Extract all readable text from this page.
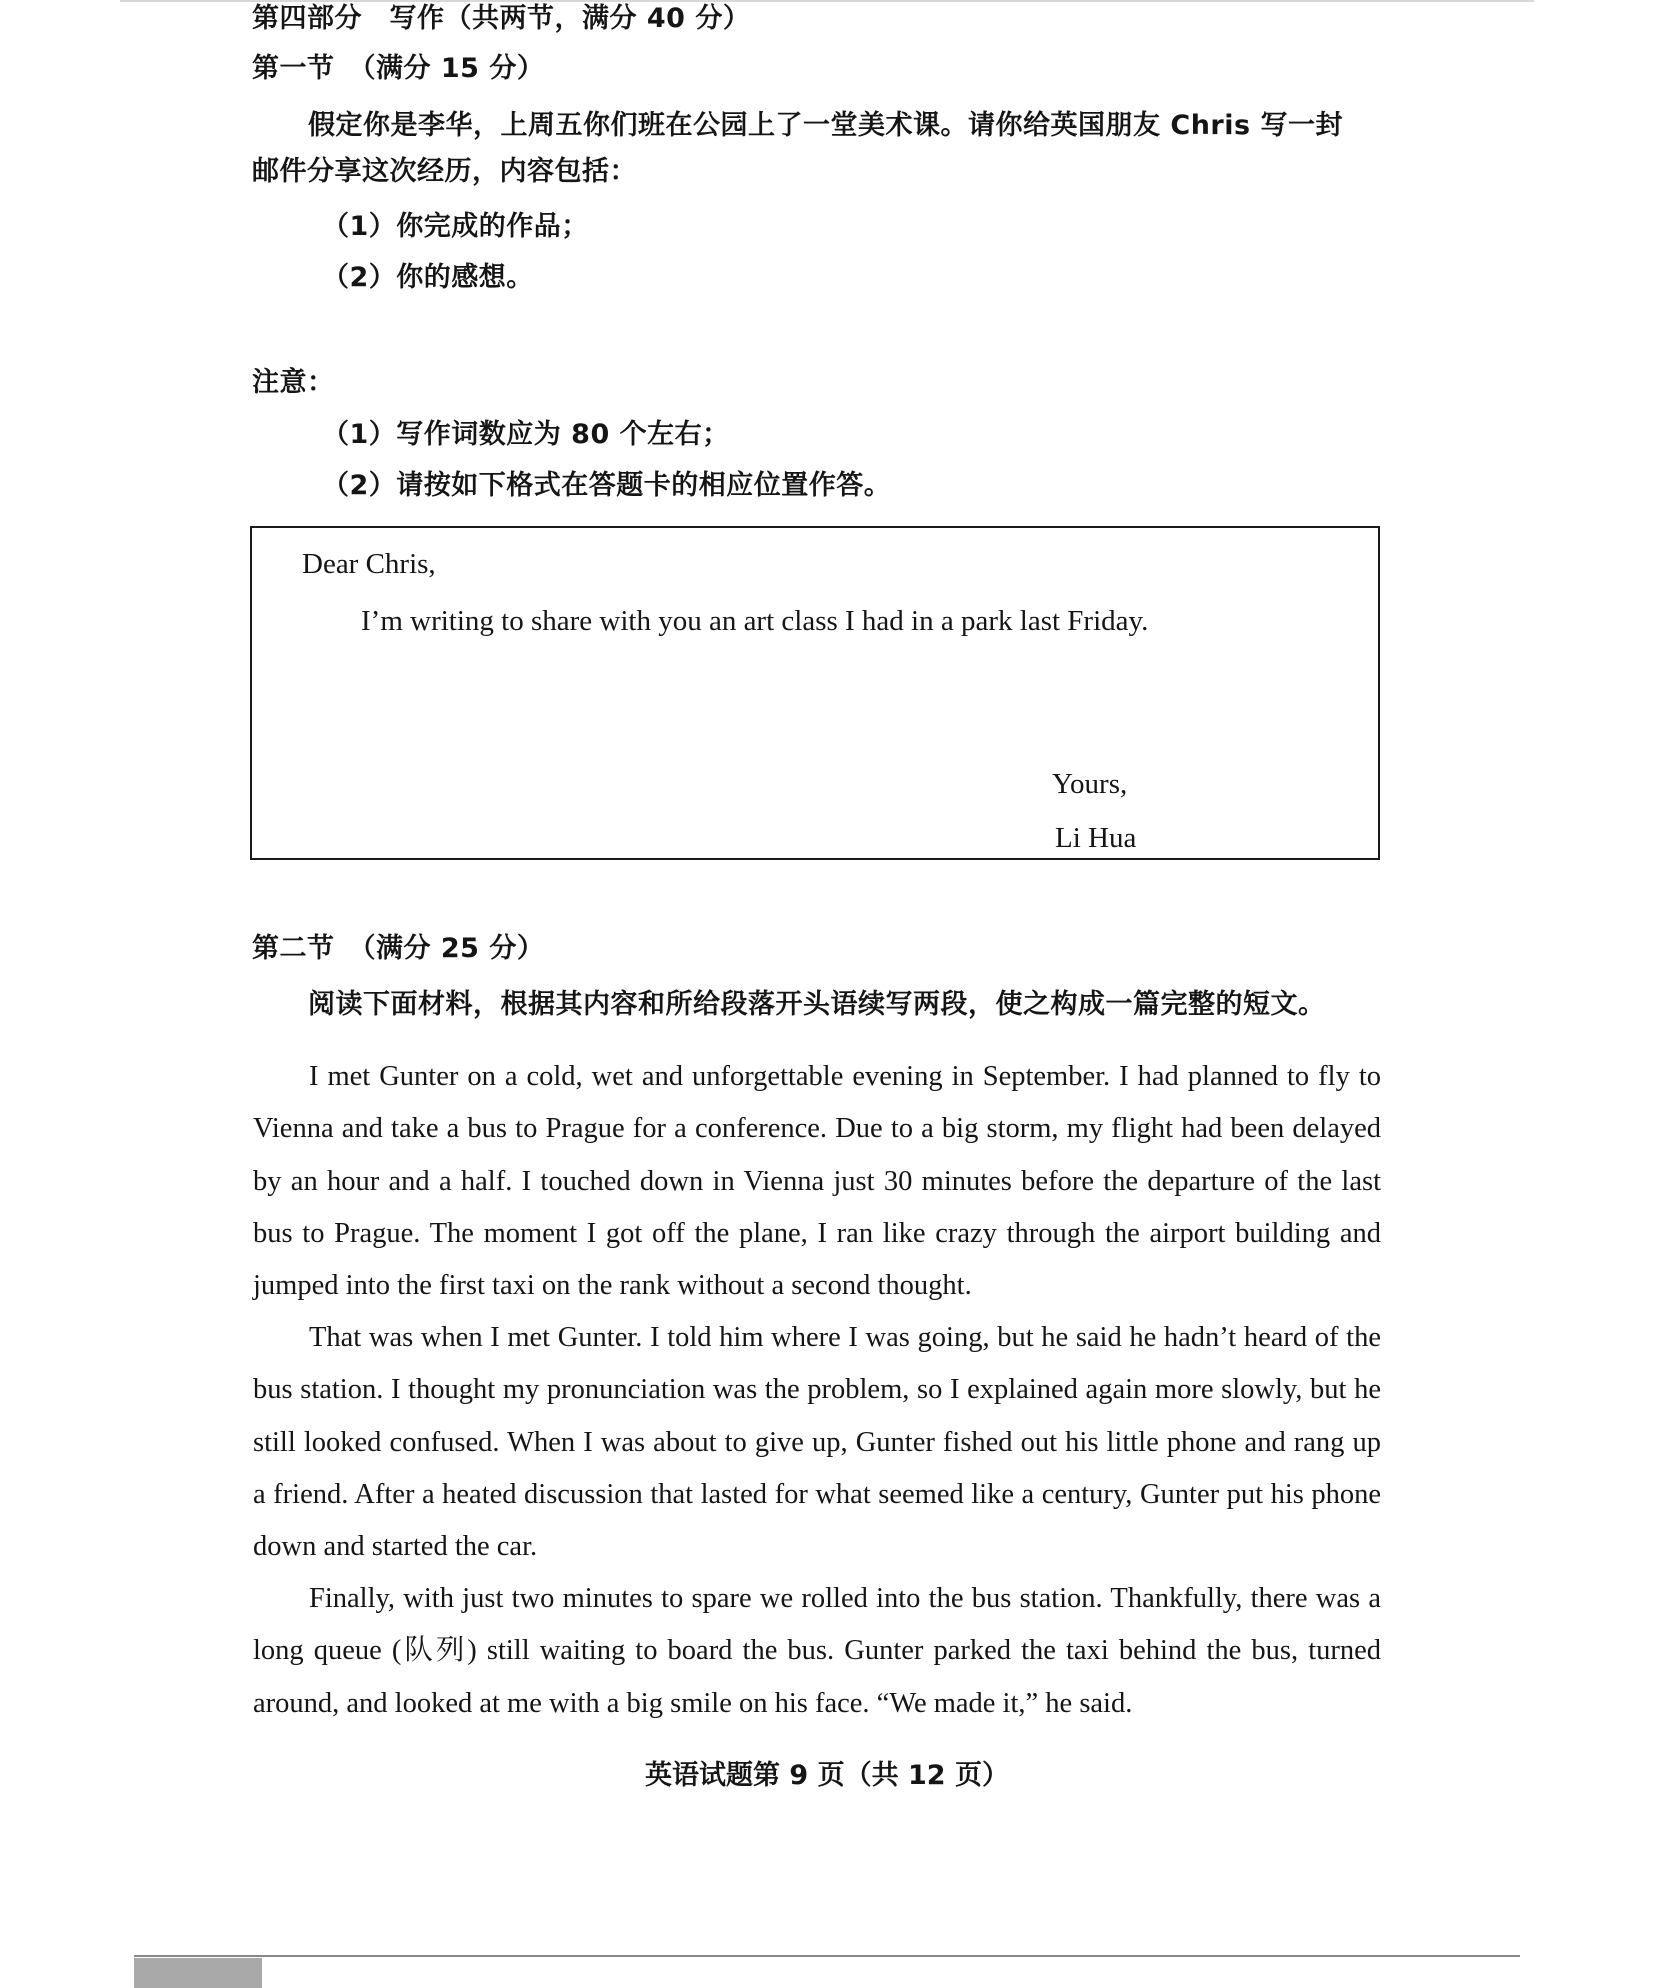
第四部分　写作（共两节，满分 40 分）
第一节　（满分 15 分）
假定你是李华，上周五你们班在公园上了一堂美术课。请你给英国朋友 Chris 写一封
邮件分享这次经历，内容包括：
（1）你完成的作品；
（2）你的感想。
注意：
（1）写作词数应为 80 个左右；
（2）请按如下格式在答题卡的相应位置作答。
Dear Chris,
I’m writing to share with you an art class I had in a park last Friday.
Yours,
Li Hua
第二节　（满分 25 分）
阅读下面材料，根据其内容和所给段落开头语续写两段，使之构成一篇完整的短文。

I met Gunter on a cold, wet and unforgettable evening in September. I had planned to fly to Vienna and take a bus to Prague for a conference. Due to a big storm, my flight had been delayed by an hour and a half. I touched down in Vienna just 30 minutes before the departure of the last bus to Prague. The moment I got off the plane, I ran like crazy through the airport building and jumped into the first taxi on the rank without a second thought.

That was when I met Gunter. I told him where I was going, but he said he hadn’t heard of the bus station. I thought my pronunciation was the problem, so I explained again more slowly, but he still looked confused. When I was about to give up, Gunter fished out his little phone and rang up a friend. After a heated discussion that lasted for what seemed like a century, Gunter put his phone down and started the car.

Finally, with just two minutes to spare we rolled into the bus station. Thankfully, there was a long queue (队列) still waiting to board the bus. Gunter parked the taxi behind the bus, turned around, and looked at me with a big smile on his face. “We made it,” he said.

英语试题第 9 页（共 12 页）
